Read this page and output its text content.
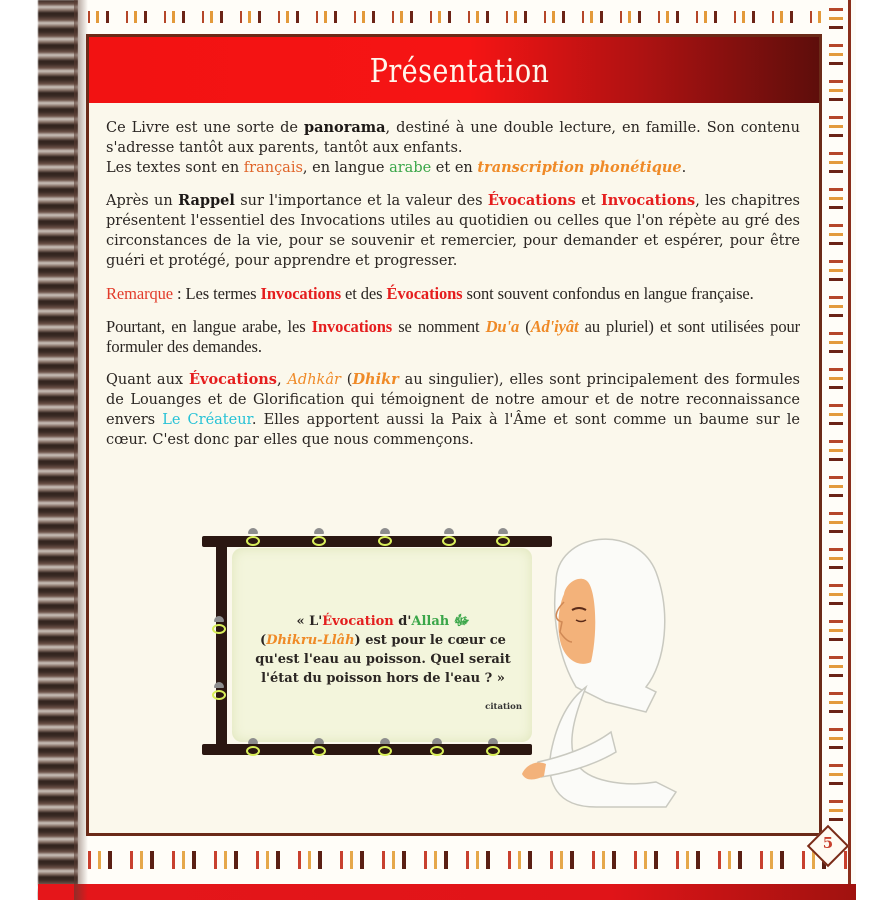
Présentation

Ce Livre est une sorte de panorama, destiné à une double lecture, en famille. Son contenu s'adresse tantôt aux parents, tantôt aux enfants.
Les textes sont en français, en langue arabe et en transcription phonétique.

Après un Rappel sur l'importance et la valeur des Évocations et Invocations, les chapitres présentent l'essentiel des Invocations utiles au quotidien ou celles que l'on répète au gré des circonstances de la vie, pour se souvenir et remercier, pour demander et espérer, pour être guéri et protégé, pour apprendre et progresser.

Remarque : Les termes Invocations et des Évocations sont souvent confondus en langue française.

Pourtant, en langue arabe, les Invocations se nomment Du'a (Ad'iyât au pluriel) et sont utilisées pour formuler des demandes.

Quant aux Évocations, Adhkâr (Dhikr au singulier), elles sont principalement des formules de Louanges et de Glorification qui témoignent de notre amour et de notre reconnaissance envers Le Créateur. Elles apportent aussi la Paix à l'Âme et sont comme un baume sur le cœur. C'est donc par elles que nous commençons.

« L'Évocation d'Allah ﷻ
(Dhikru-Llâh) est pour le cœur ce qu'est l'eau au poisson. Quel serait l'état du poisson hors de l'eau ? »
citation
5
